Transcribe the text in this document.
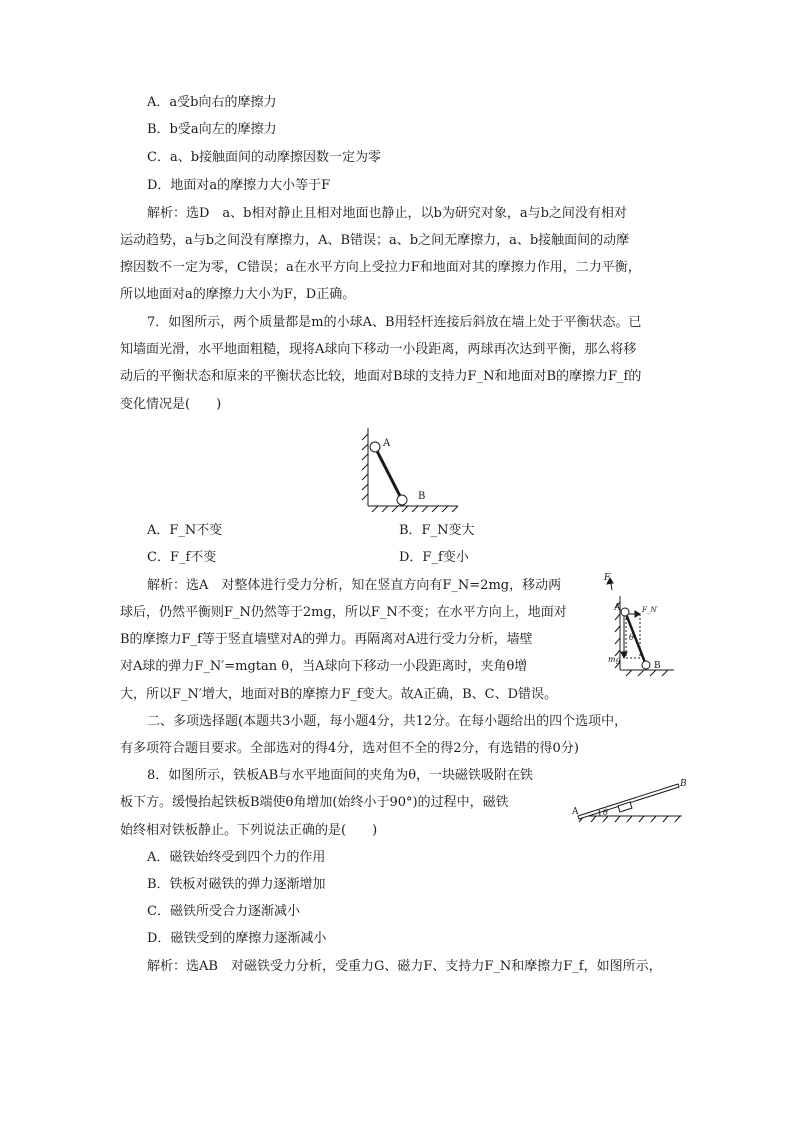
A．a受b向右的摩擦力
B．b受a向左的摩擦力
C．a、b接触面间的动摩擦因数一定为零
D．地面对a的摩擦力大小等于F
解析：选D　a、b相对静止且相对地面也静止，以b为研究对象，a与b之间没有相对
运动趋势，a与b之间没有摩擦力，A、B错误；a、b之间无摩擦力，a、b接触面间的动摩
擦因数不一定为零，C错误；a在水平方向上受拉力F和地面对其的摩擦力作用，二力平衡，
所以地面对a的摩擦力大小为F，D正确。
7．如图所示，两个质量都是m的小球A、B用轻杆连接后斜放在墙上处于平衡状态。已
知墙面光滑，水平地面粗糙，现将A球向下移动一小段距离，两球再次达到平衡，那么将移
动后的平衡状态和原来的平衡状态比较，地面对B球的支持力F_N和地面对B的摩擦力F_f的
变化情况是(　　)
A
B
A．F_N不变	B．F_N变大
C．F_f不变	D．F_f变小
解析：选A　对整体进行受力分析，知在竖直方向有F_N=2mg，移动两
球后，仍然平衡则F_N仍然等于2mg，所以F_N不变；在水平方向上，地面对
B的摩擦力F_f等于竖直墙壁对A的弹力。再隔离对A进行受力分析，墙壁
对A球的弹力F_N′=mgtan θ，当A球向下移动一小段距离时，夹角θ增
大，所以F_N′增大，地面对B的摩擦力F_f变大。故A正确，B、C、D错误。
F
A	F_N′
θ
mg
B
二、多项选择题(本题共3小题，每小题4分，共12分。在每小题给出的四个选项中，
有多项符合题目要求。全部选对的得4分，选对但不全的得2分，有选错的得0分)
8．如图所示，铁板AB与水平地面间的夹角为θ，一块磁铁吸附在铁
板下方。缓慢抬起铁板B端使θ角增加(始终小于90°)的过程中，磁铁
始终相对铁板静止。下列说法正确的是(　　)
A
B
θ
A．磁铁始终受到四个力的作用
B．铁板对磁铁的弹力逐渐增加
C．磁铁所受合力逐渐减小
D．磁铁受到的摩擦力逐渐减小
解析：选AB　对磁铁受力分析，受重力G、磁力F、支持力F_N和摩擦力F_f，如图所示，
